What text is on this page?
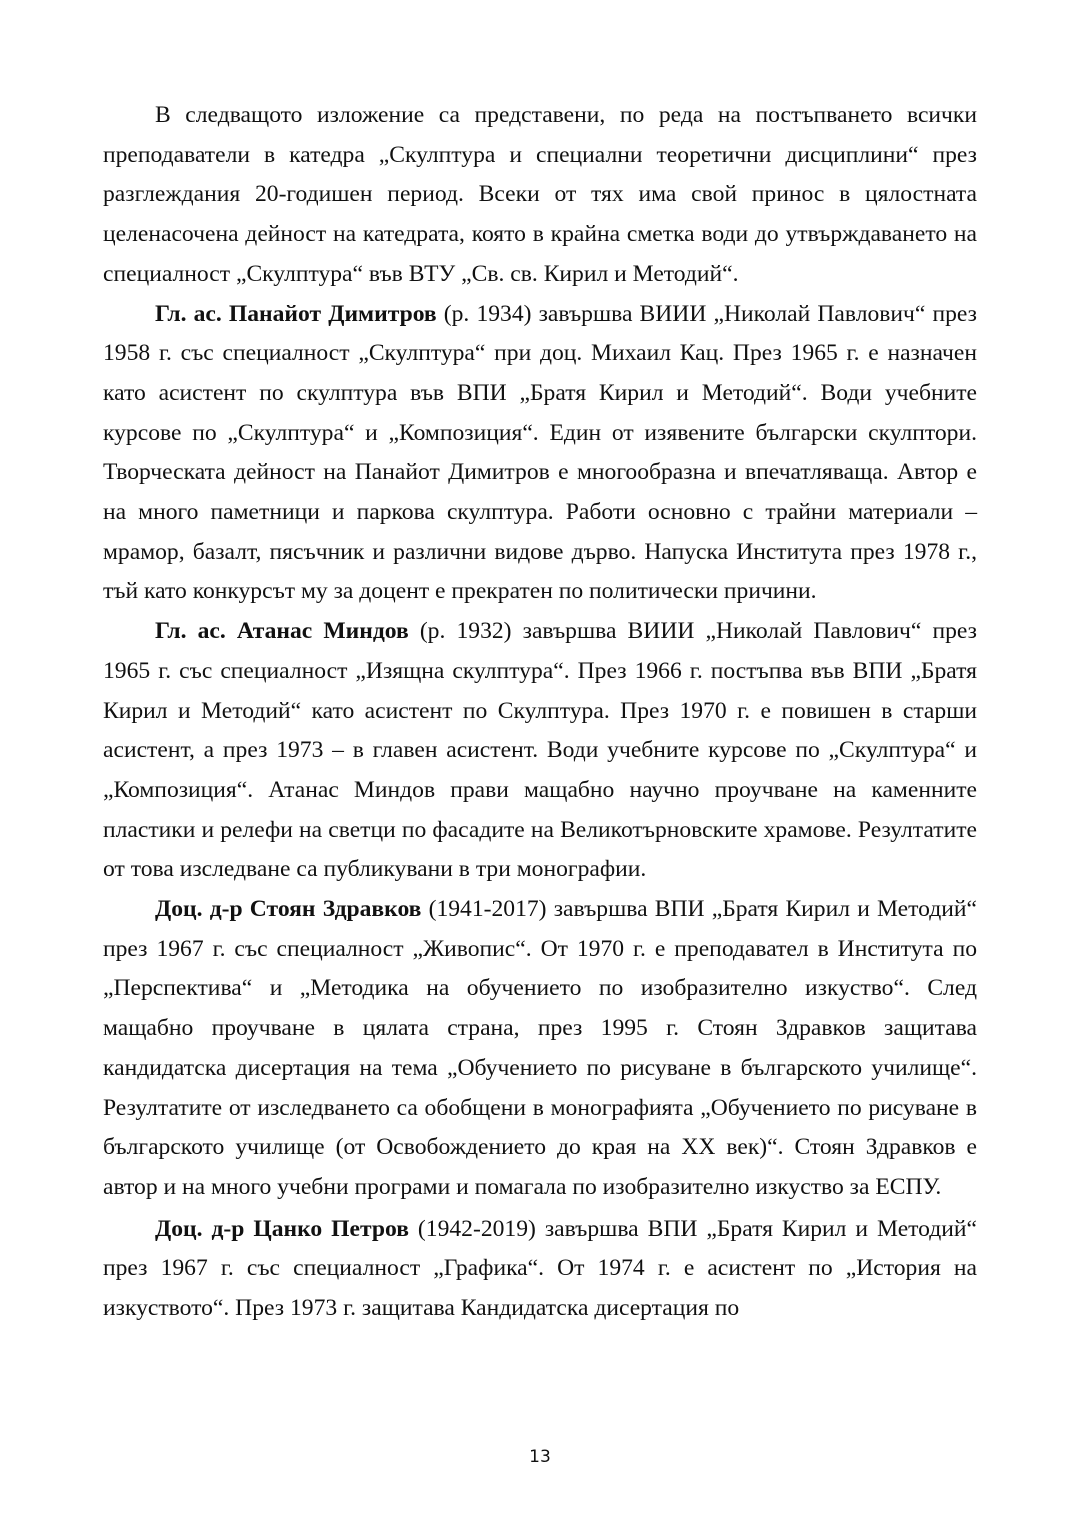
В следващото изложение са представени, по реда на постъпването всички преподаватели в катедра „Скулптура и специални теоретични дисциплини“ през разглеждания 20-годишен период. Всеки от тях има свой принос в цялостната целенасочена дейност на катедрата, която в крайна сметка води до утвърждаването на специалност „Скулптура“ във ВТУ „Св. св. Кирил и Методий“.

Гл. ас. Панайот Димитров (р. 1934) завършва ВИИИ „Николай Павлович“ през 1958 г. със специалност „Скулптура“ при доц. Михаил Кац. През 1965 г. е назначен като асистент по скулптура във ВПИ „Братя Кирил и Методий“. Води учебните курсове по „Скулптура“ и „Композиция“. Един от изявените български скулптори. Творческата дейност на Панайот Димитров е многообразна и впечатляваща. Автор е на много паметници и паркова скулптура. Работи основно с трайни материали – мрамор, базалт, пясъчник и различни видове дърво. Напуска Института през 1978 г., тъй като конкурсът му за доцент е прекратен по политически причини.

Гл. ас. Атанас Миндов (р. 1932) завършва ВИИИ „Николай Павлович“ през 1965 г. със специалност „Изящна скулптура“. През 1966 г. постъпва във ВПИ „Братя Кирил и Методий“ като асистент по Скулптура. През 1970 г. е повишен в старши асистент, а през 1973 – в главен асистент. Води учебните курсове по „Скулптура“ и „Композиция“. Атанас Миндов прави мащабно научно проучване на каменните пластики и релефи на светци по фасадите на Великотърновските храмове. Резултатите от това изследване са публикувани в три монографии.

Доц. д-р Стоян Здравков (1941-2017) завършва ВПИ „Братя Кирил и Методий“ през 1967 г. със специалност „Живопис“. От 1970 г. е преподавател в Института по „Перспектива“ и „Методика на обучението по изобразително изкуство“. След мащабно проучване в цялата страна, през 1995 г. Стоян Здравков защитава кандидатска дисертация на тема „Обучението по рисуване в българското училище“. Резултатите от изследването са обобщени в монографията „Обучението по рисуване в българското училище (от Освобождението до края на XX век)“. Стоян Здравков е автор и на много учебни програми и помагала по изобразително изкуство за ЕСПУ.

Доц. д-р Цанко Петров (1942-2019) завършва ВПИ „Братя Кирил и Методий“ през 1967 г. със специалност „Графика“. От 1974 г. е асистент по „История на изкуството“. През 1973 г. защитава Кандидатска дисертация по

13
